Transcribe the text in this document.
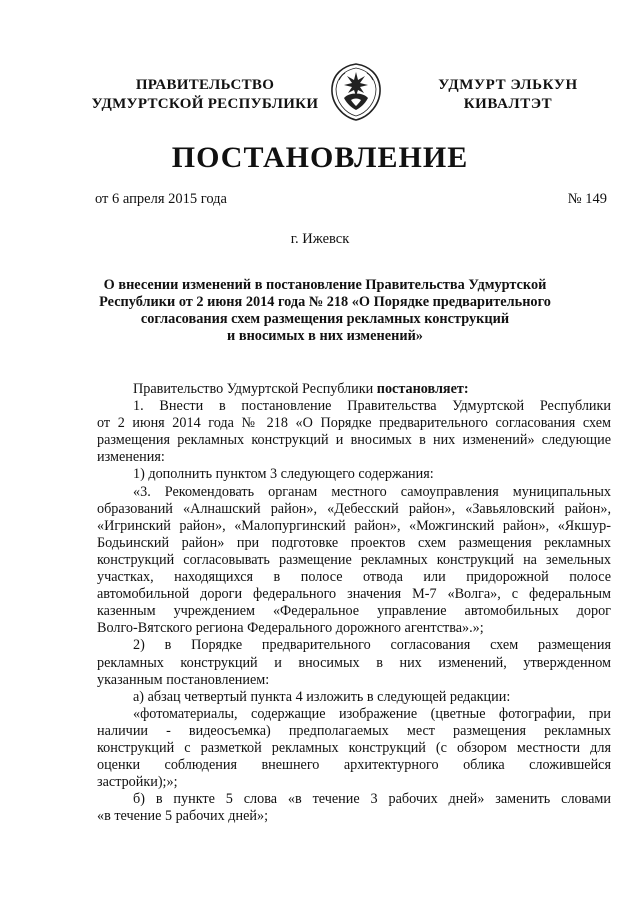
ПРАВИТЕЛЬСТВО
УДМУРТСКОЙ РЕСПУБЛИКИ
УДМУРТ ЭЛЬКУН
КИВАЛТЭТ
ПОСТАНОВЛЕНИЕ
от 6 апреля 2015 года	№ 149
г. Ижевск
О внесении изменений в постановление Правительства Удмуртской
Республики от 2 июня 2014 года № 218 «О Порядке предварительного
согласования схем размещения рекламных конструкций
и вносимых в них изменений»

Правительство Удмуртской Республики постановляет:

1. Внести в постановление Правительства Удмуртской Республики
от 2 июня 2014 года № 218 «О Порядке предварительного согласования схем
размещения рекламных конструкций и вносимых в них изменений» следующие
изменения:
1) дополнить пунктом 3 следующего содержания:
«3. Рекомендовать органам местного самоуправления муниципальных
образований «Алнашский район», «Дебесский район», «Завьяловский район»,
«Игринский район», «Малопургинский район», «Можгинский район», «Якшур-
Бодьинский район» при подготовке проектов схем размещения рекламных
конструкций согласовывать размещение рекламных конструкций на земельных
участках, находящихся в полосе отвода или придорожной полосе
автомобильной дороги федерального значения М-7 «Волга», с федеральным
казенным учреждением «Федеральное управление автомобильных дорог
Волго-Вятского региона Федерального дорожного агентства».»;
2) в Порядке предварительного согласования схем размещения
рекламных конструкций и вносимых в них изменений, утвержденном
указанным постановлением:
а) абзац четвертый пункта 4 изложить в следующей редакции:
«фотоматериалы, содержащие изображение (цветные фотографии, при
наличии - видеосъемка) предполагаемых мест размещения рекламных
конструкций с разметкой рекламных конструкций (с обзором местности для
оценки соблюдения внешнего архитектурного облика сложившейся
застройки);»;
б) в пункте 5 слова «в течение 3 рабочих дней» заменить словами
«в течение 5 рабочих дней»;
